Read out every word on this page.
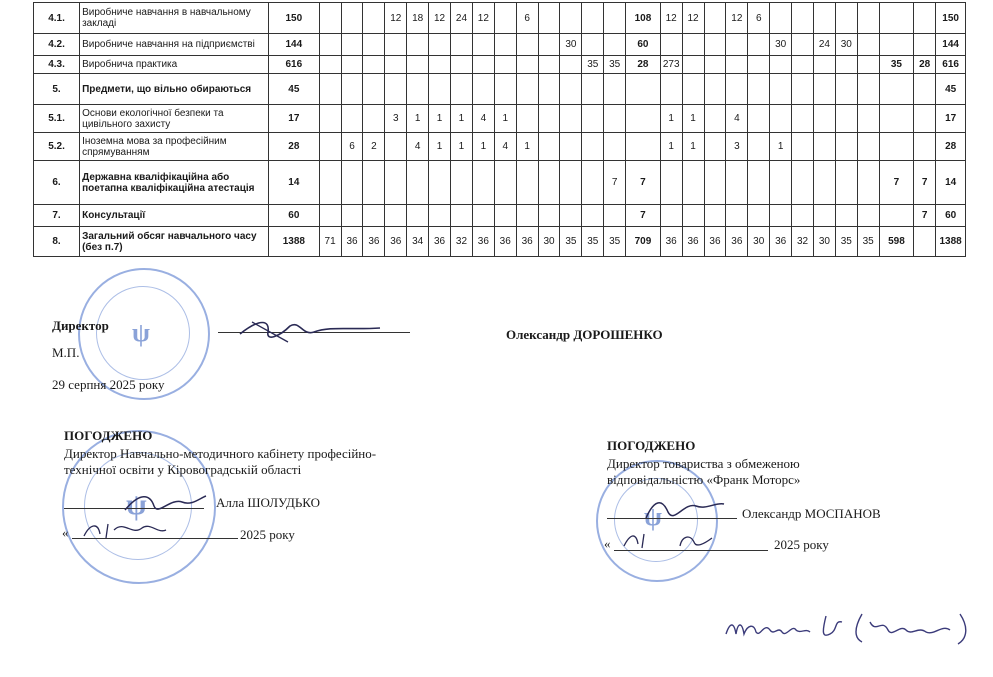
4.1.	Виробниче навчання в навчальному закладі	150				12	18	12	24	12		6					108	12	12		12	6								150
4.2.	Виробниче навчання на підприємстві	144												30			60						30		24	30				144
4.3.	Виробнича практика	616													35	35	28	273										35	28	616
5.	Предмети, що вільно обираються	45																												45
5.1.	Основи екологічної безпеки та цивільного захисту	17				3	1	1	1	4	1							1	1		4									17
5.2.	Іноземна мова за професійним спрямуванням	28		6	2		4	1	1	1	4	1						1	1		3		1							28
6.	Державна кваліфікаційна або поетапна кваліфікаційна атестація	14														7	7											7	7	14
7.	Консультації	60															7												7	60
8.	Загальний обсяг навчального часу (без п.7)	1388	71	36	36	36	34	36	32	36	36	36	30	35	35	35	709	36	36	36	36	30	36	32	30	35	35	598		1388
ψ
Директор
М.П.
29 серпня 2025 року
Олександр ДОРОШЕНКО
ψ
ПОГОДЖЕНО
Директор Навчально-методичного кабінету професійно-
технічної освіти у Кіровоградській області
Алла ШОЛУДЬКО
«	2025 року
ψ
ПОГОДЖЕНО
Директор товариства з обмеженою
відповідальністю «Франк Моторс»
Олександр МОСПАНОВ
«	2025 року
